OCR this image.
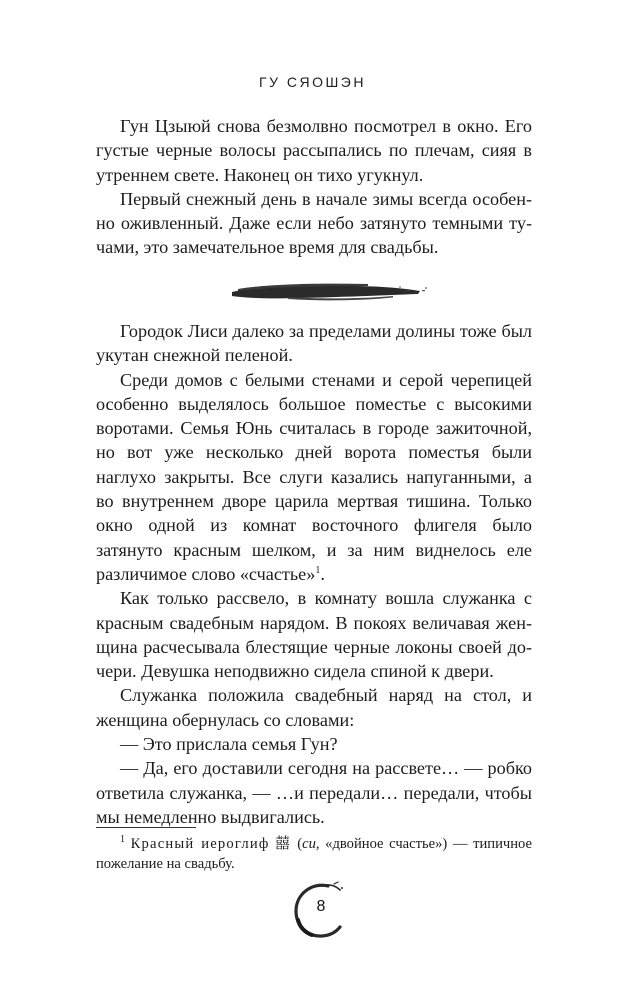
ГУ СЯОШЭН

Гун Цзыюй снова безмолвно посмотрел в окно. Его густые черные волосы рассыпались по плечам, сияя в утреннем свете. Наконец он тихо угукнул.

Первый снежный день в начале зимы всегда особенно оживленный. Даже если небо затянуто темными тучами, это замечательное время для свадьбы.

Городок Лиси далеко за пределами долины тоже был укутан снежной пеленой.

Среди домов с белыми стенами и серой черепицей особенно выделялось большое поместье с высокими воротами. Семья Юнь считалась в городе зажиточной, но вот уже несколько дней ворота поместья были наглухо закрыты. Все слуги казались напуганными, а во внутреннем дворе царила мертвая тишина. Только окно одной из комнат восточного флигеля было затянуто красным шелком, и за ним виднелось еле различимое слово «счастье»$^1$.

Как только рассвело, в комнату вошла служанка с красным свадебным нарядом. В покоях величавая женщина расчесывала блестящие черные локоны своей дочери. Девушка неподвижно сидела спиной к двери.

Служанка положила свадебный наряд на стол, и женщина обернулась со словами:

— Это прислала семья Гун?

— Да, его доставили сегодня на рассвете… — робко ответила служанка, — …и передали… передали, чтобы мы немедленно выдвигались.

$^1$ Красный иероглиф 囍 (си, «двойное счастье») — типичное пожелание на свадьбу.

8
